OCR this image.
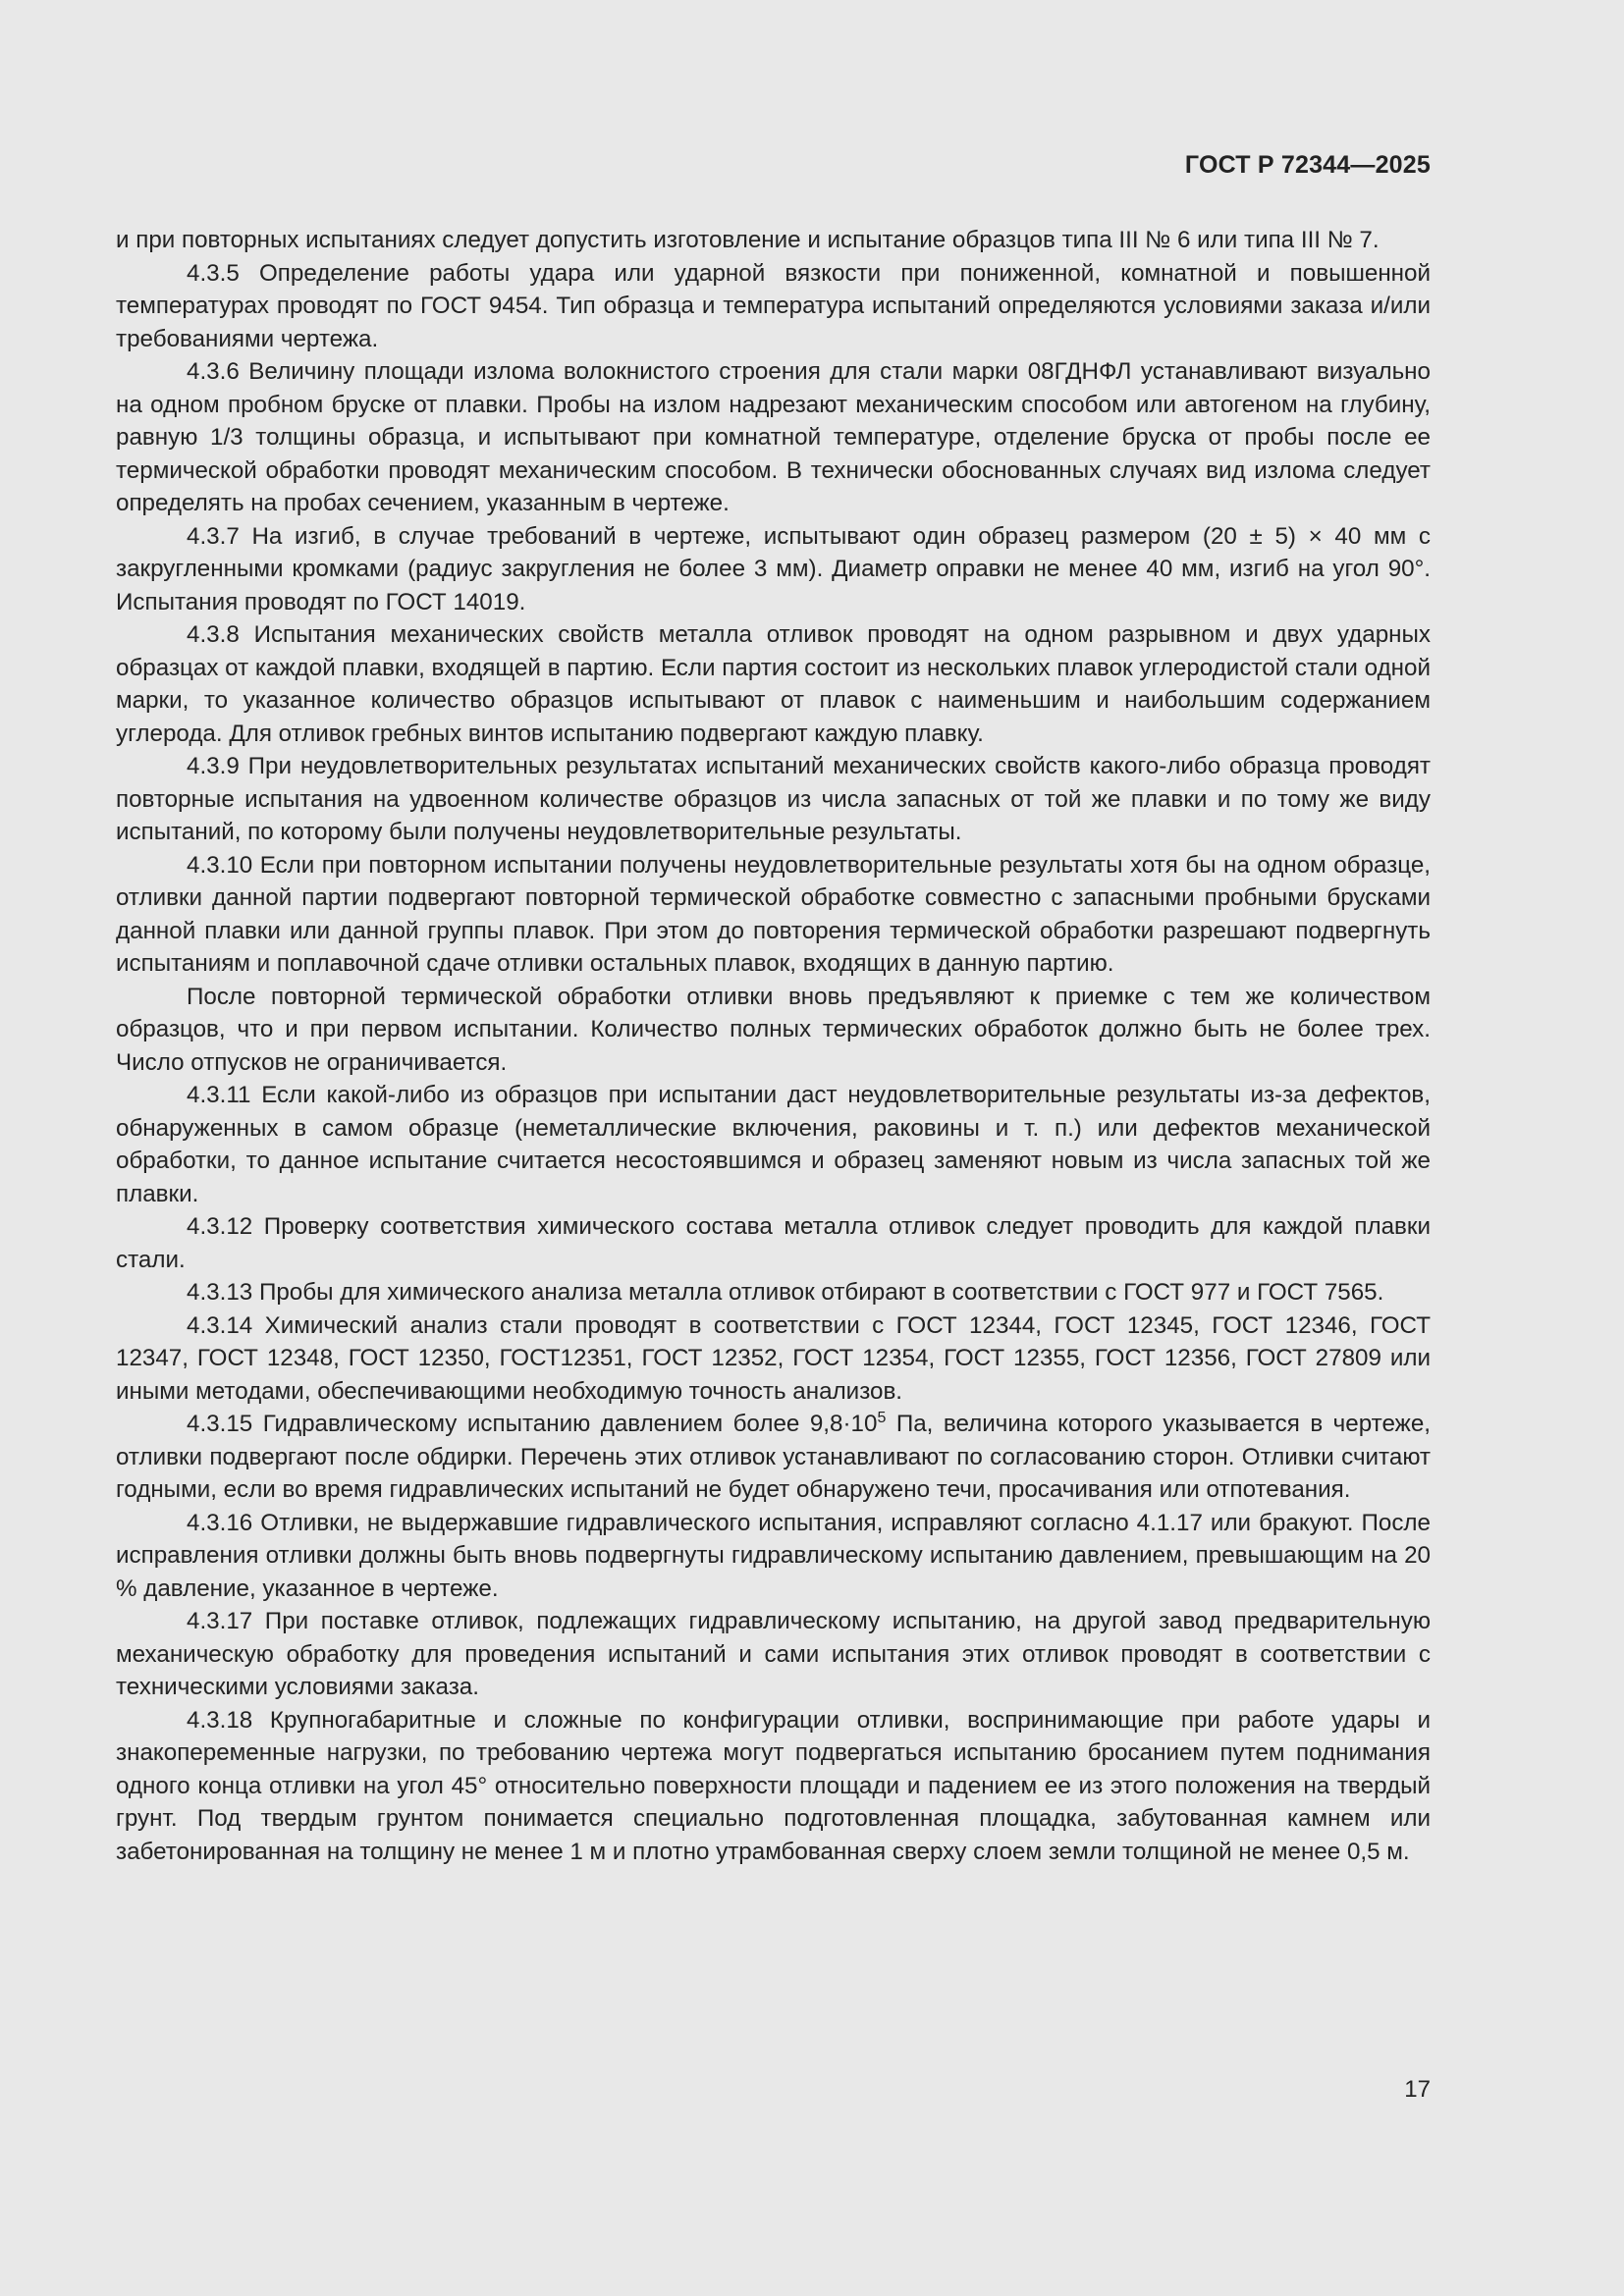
ГОСТ Р 72344—2025

и при повторных испытаниях следует допустить изготовление и испытание образцов типа III № 6 или типа III № 7.

4.3.5 Определение работы удара или ударной вязкости при пониженной, комнатной и повышенной температурах проводят по ГОСТ 9454. Тип образца и температура испытаний определяются условиями заказа и/или требованиями чертежа.

4.3.6 Величину площади излома волокнистого строения для стали марки 08ГДНФЛ устанавливают визуально на одном пробном бруске от плавки. Пробы на излом надрезают механическим способом или автогеном на глубину, равную 1/3 толщины образца, и испытывают при комнатной температуре, отделение бруска от пробы после ее термической обработки проводят механическим способом. В технически обоснованных случаях вид излома следует определять на пробах сечением, указанным в чертеже.

4.3.7 На изгиб, в случае требований в чертеже, испытывают один образец размером (20 ± 5) × 40 мм с закругленными кромками (радиус закругления не более 3 мм). Диаметр оправки не менее 40 мм, изгиб на угол 90°. Испытания проводят по ГОСТ 14019.

4.3.8 Испытания механических свойств металла отливок проводят на одном разрывном и двух ударных образцах от каждой плавки, входящей в партию. Если партия состоит из нескольких плавок углеродистой стали одной марки, то указанное количество образцов испытывают от плавок с наименьшим и наибольшим содержанием углерода. Для отливок гребных винтов испытанию подвергают каждую плавку.

4.3.9 При неудовлетворительных результатах испытаний механических свойств какого-либо образца проводят повторные испытания на удвоенном количестве образцов из числа запасных от той же плавки и по тому же виду испытаний, по которому были получены неудовлетворительные результаты.

4.3.10 Если при повторном испытании получены неудовлетворительные результаты хотя бы на одном образце, отливки данной партии подвергают повторной термической обработке совместно с запасными пробными брусками данной плавки или данной группы плавок. При этом до повторения термической обработки разрешают подвергнуть испытаниям и поплавочной сдаче отливки остальных плавок, входящих в данную партию.

После повторной термической обработки отливки вновь предъявляют к приемке с тем же количеством образцов, что и при первом испытании. Количество полных термических обработок должно быть не более трех. Число отпусков не ограничивается.

4.3.11 Если какой-либо из образцов при испытании даст неудовлетворительные результаты из-за дефектов, обнаруженных в самом образце (неметаллические включения, раковины и т. п.) или дефектов механической обработки, то данное испытание считается несостоявшимся и образец заменяют новым из числа запасных той же плавки.

4.3.12 Проверку соответствия химического состава металла отливок следует проводить для каждой плавки стали.

4.3.13 Пробы для химического анализа металла отливок отбирают в соответствии с ГОСТ 977 и ГОСТ 7565.

4.3.14 Химический анализ стали проводят в соответствии с ГОСТ 12344, ГОСТ 12345, ГОСТ 12346, ГОСТ 12347, ГОСТ 12348, ГОСТ 12350, ГОСТ12351, ГОСТ 12352, ГОСТ 12354, ГОСТ 12355, ГОСТ 12356, ГОСТ 27809 или иными методами, обеспечивающими необходимую точность анализов.

4.3.15 Гидравлическому испытанию давлением более $9,8\cdot 10^5$ Па, величина которого указывается в чертеже, отливки подвергают после обдирки. Перечень этих отливок устанавливают по согласованию сторон. Отливки считают годными, если во время гидравлических испытаний не будет обнаружено течи, просачивания или отпотевания.

4.3.16 Отливки, не выдержавшие гидравлического испытания, исправляют согласно 4.1.17 или бракуют. После исправления отливки должны быть вновь подвергнуты гидравлическому испытанию давлением, превышающим на 20 % давление, указанное в чертеже.

4.3.17 При поставке отливок, подлежащих гидравлическому испытанию, на другой завод предварительную механическую обработку для проведения испытаний и сами испытания этих отливок проводят в соответствии с техническими условиями заказа.

4.3.18 Крупногабаритные и сложные по конфигурации отливки, воспринимающие при работе удары и знакопеременные нагрузки, по требованию чертежа могут подвергаться испытанию бросанием путем поднимания одного конца отливки на угол 45° относительно поверхности площади и падением ее из этого положения на твердый грунт. Под твердым грунтом понимается специально подготовленная площадка, забутованная камнем или забетонированная на толщину не менее 1 м и плотно утрамбованная сверху слоем земли толщиной не менее 0,5 м.

17
